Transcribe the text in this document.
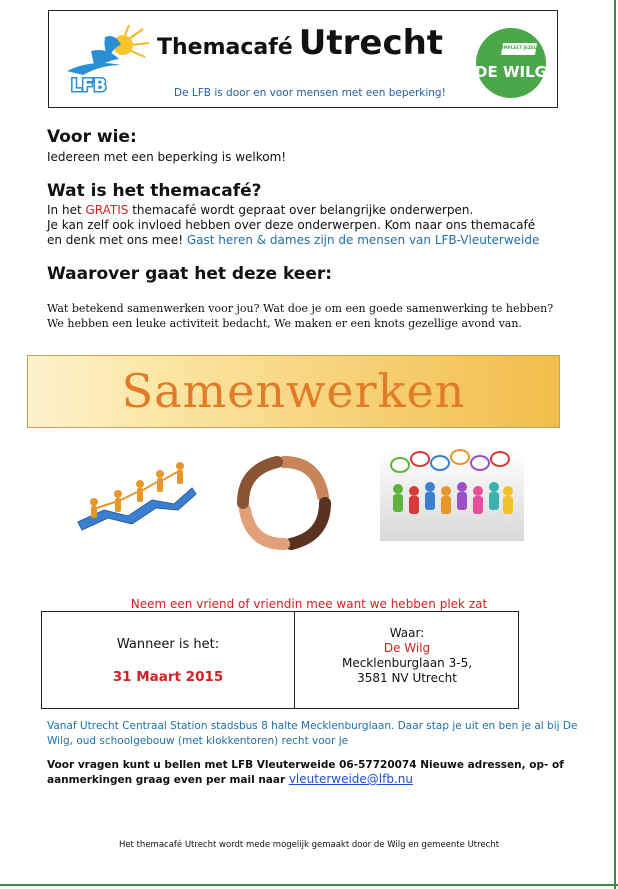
LFB
Themacafé Utrecht
De LFB is door en voor mensen met een beperking!
COMPLEET JEZELF!
DE WILG
Voor wie:
Iedereen met een beperking is welkom!
Wat is het themacafé?
In het GRATIS themacafé wordt gepraat over belangrijke onderwerpen.
Je kan zelf ook invloed hebben over deze onderwerpen. Kom naar ons themacafé
en denk met ons mee! Gast heren & dames zijn de mensen van LFB-Vleuterweide
Waarover gaat het deze keer:
Wat betekend samenwerken voor jou? Wat doe je om een goede samenwerking te hebben?
We hebben een leuke activiteit bedacht, We maken er een knots gezellige avond van.
Samenwerken
Neem een vriend of vriendin mee want we hebben plek zat
Wanneer is het:
31 Maart 2015
Waar:
De Wilg
Mecklenburglaan 3-5,
3581 NV Utrecht
Vanaf Utrecht Centraal Station stadsbus 8 halte Mecklenburglaan. Daar stap je uit en ben je al bij De
Wilg, oud schoolgebouw (met klokkentoren) recht voor je
Voor vragen kunt u bellen met LFB Vleuterweide 06-57720074 Nieuwe adressen, op- of
aanmerkingen graag even per mail naar vleuterweide@lfb.nu
Het themacafé Utrecht wordt mede mogelijk gemaakt door de Wilg en gemeente Utrecht
